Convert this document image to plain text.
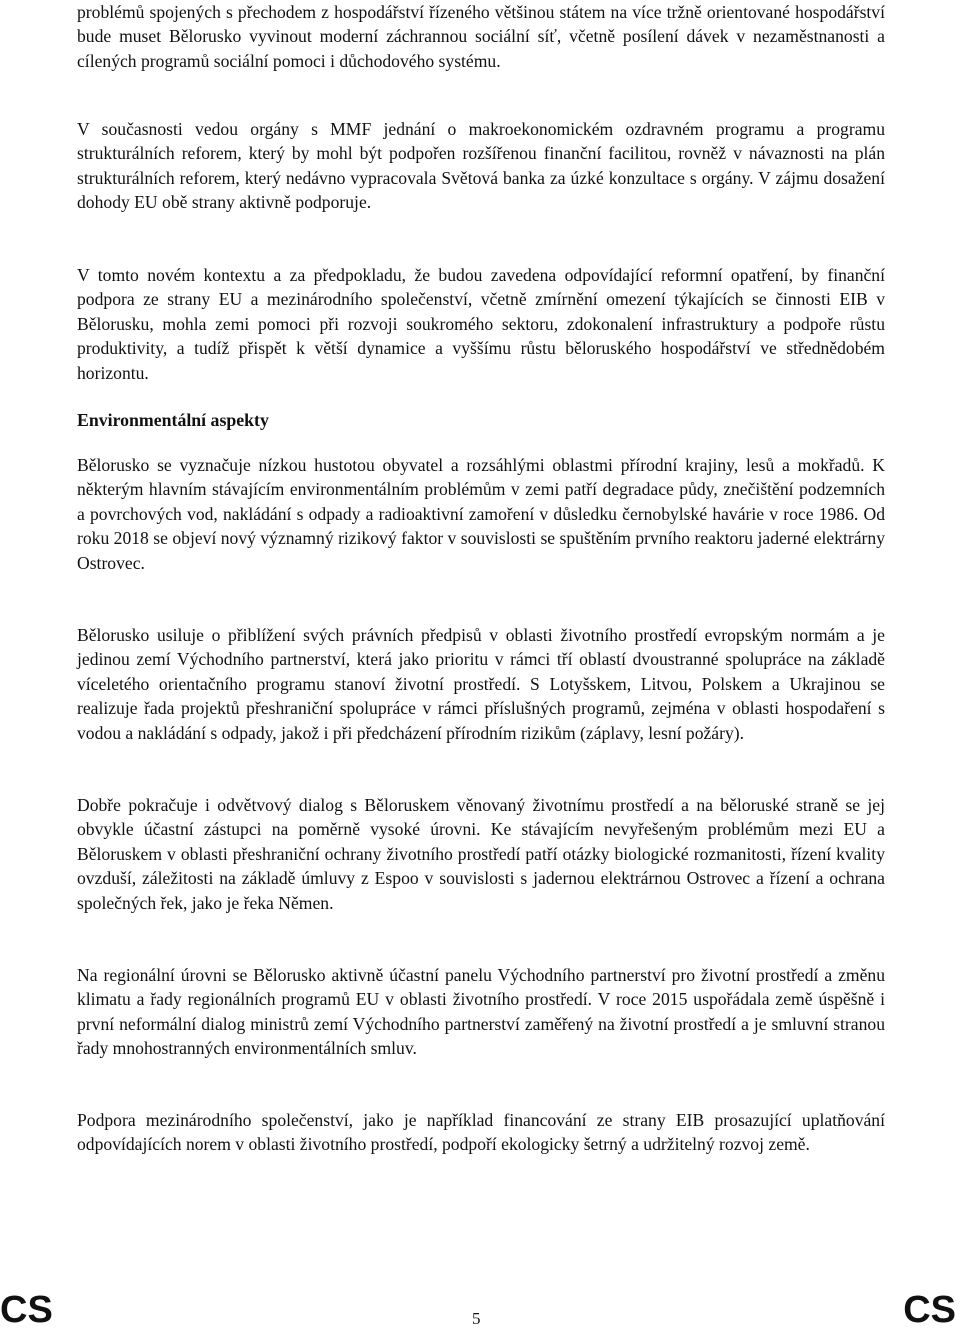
problémů spojených s přechodem z hospodářství řízeného většinou státem na více tržně orientované hospodářství bude muset Bělorusko vyvinout moderní záchrannou sociální síť, včetně posílení dávek v nezaměstnanosti a cílených programů sociální pomoci i důchodového systému.

V současnosti vedou orgány s MMF jednání o makroekonomickém ozdravném programu a programu strukturálních reforem, který by mohl být podpořen rozšířenou finanční facilitou, rovněž v návaznosti na plán strukturálních reforem, který nedávno vypracovala Světová banka za úzké konzultace s orgány. V zájmu dosažení dohody EU obě strany aktivně podporuje.

V tomto novém kontextu a za předpokladu, že budou zavedena odpovídající reformní opatření, by finanční podpora ze strany EU a mezinárodního společenství, včetně zmírnění omezení týkajících se činnosti EIB v Bělorusku, mohla zemi pomoci při rozvoji soukromého sektoru, zdokonalení infrastruktury a podpoře růstu produktivity, a tudíž přispět k větší dynamice a vyššímu růstu běloruského hospodářství ve střednědobém horizontu.

Environmentální aspekty

Bělorusko se vyznačuje nízkou hustotou obyvatel a rozsáhlými oblastmi přírodní krajiny, lesů a mokřadů. K některým hlavním stávajícím environmentálním problémům v zemi patří degradace půdy, znečištění podzemních a povrchových vod, nakládání s odpady a radioaktivní zamoření v důsledku černobylské havárie v roce 1986. Od roku 2018 se objeví nový významný rizikový faktor v souvislosti se spuštěním prvního reaktoru jaderné elektrárny Ostrovec.

Bělorusko usiluje o přiblížení svých právních předpisů v oblasti životního prostředí evropským normám a je jedinou zemí Východního partnerství, která jako prioritu v rámci tří oblastí dvoustranné spolupráce na základě víceletého orientačního programu stanoví životní prostředí. S Lotyšskem, Litvou, Polskem a Ukrajinou se realizuje řada projektů přeshraniční spolupráce v rámci příslušných programů, zejména v oblasti hospodaření s vodou a nakládání s odpady, jakož i při předcházení přírodním rizikům (záplavy, lesní požáry).

Dobře pokračuje i odvětvový dialog s Běloruskem věnovaný životnímu prostředí a na běloruské straně se jej obvykle účastní zástupci na poměrně vysoké úrovni. Ke stávajícím nevyřešeným problémům mezi EU a Běloruskem v oblasti přeshraniční ochrany životního prostředí patří otázky biologické rozmanitosti, řízení kvality ovzduší, záležitosti na základě úmluvy z Espoo v souvislosti s jadernou elektrárnou Ostrovec a řízení a ochrana společných řek, jako je řeka Němen.

Na regionální úrovni se Bělorusko aktivně účastní panelu Východního partnerství pro životní prostředí a změnu klimatu a řady regionálních programů EU v oblasti životního prostředí. V roce 2015 uspořádala země úspěšně i první neformální dialog ministrů zemí Východního partnerství zaměřený na životní prostředí a je smluvní stranou řady mnohostranných environmentálních smluv.

Podpora mezinárodního společenství, jako je například financování ze strany EIB prosazující uplatňování odpovídajících norem v oblasti životního prostředí, podpoří ekologicky šetrný a udržitelný rozvoj země.

CS	5	CS
